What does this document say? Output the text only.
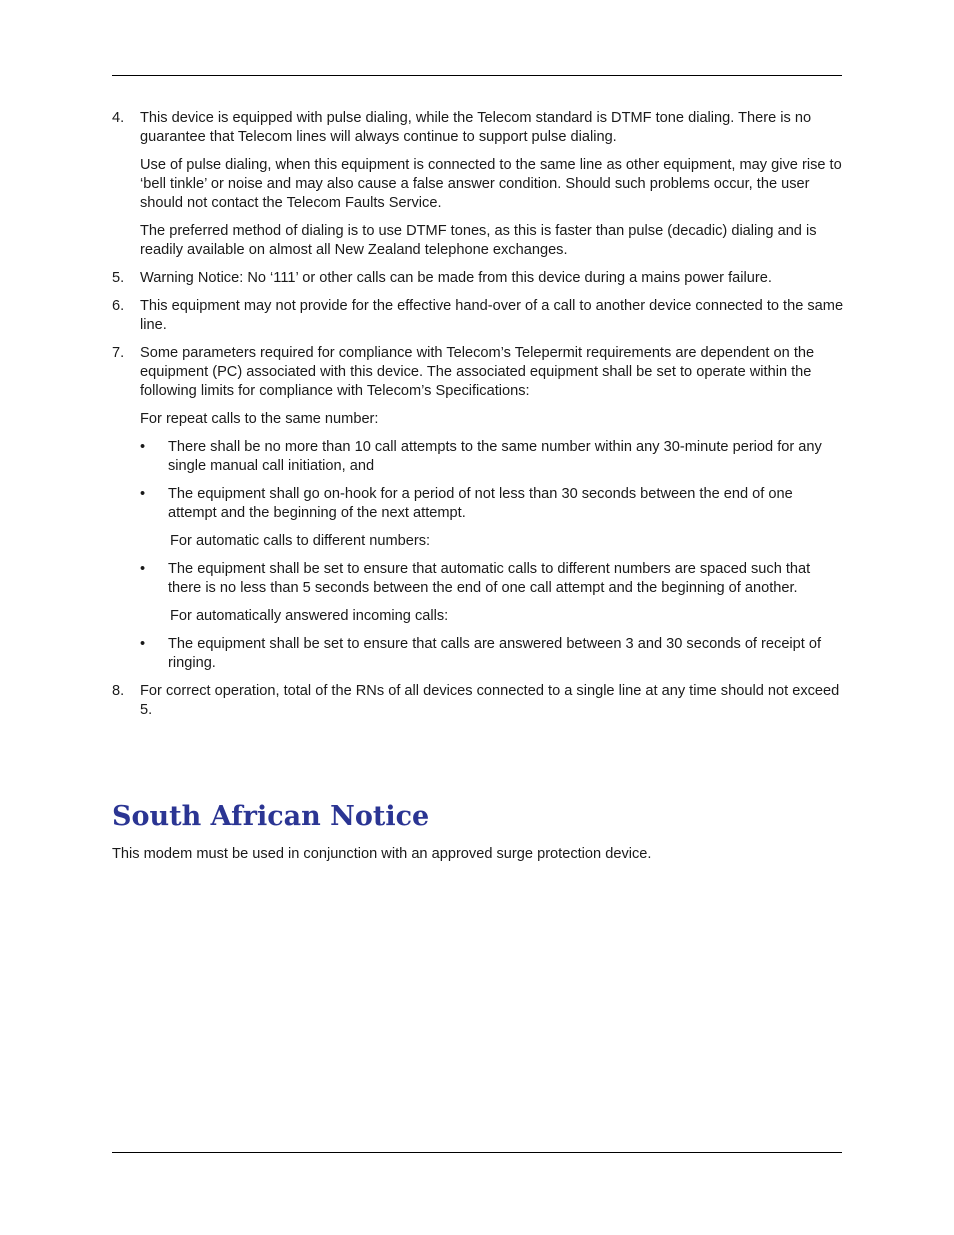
4. This device is equipped with pulse dialing, while the Telecom standard is DTMF tone dialing. There is no guarantee that Telecom lines will always continue to support pulse dialing.

Use of pulse dialing, when this equipment is connected to the same line as other equipment, may give rise to ‘bell tinkle’ or noise and may also cause a false answer condition. Should such problems occur, the user should not contact the Telecom Faults Service.

The preferred method of dialing is to use DTMF tones, as this is faster than pulse (decadic) dialing and is readily available on almost all New Zealand telephone exchanges.

5. Warning Notice: No ‘111’ or other calls can be made from this device during a mains power failure.

6. This equipment may not provide for the effective hand-over of a call to another device connected to the same line.

7. Some parameters required for compliance with Telecom’s Telepermit requirements are dependent on the equipment (PC) associated with this device. The associated equipment shall be set to operate within the following limits for compliance with Telecom’s Specifications:

For repeat calls to the same number:

• There shall be no more than 10 call attempts to the same number within any 30-minute period for any single manual call initiation, and
• The equipment shall go on-hook for a period of not less than 30 seconds between the end of one attempt and the beginning of the next attempt.

For automatic calls to different numbers:

• The equipment shall be set to ensure that automatic calls to different numbers are spaced such that there is no less than 5 seconds between the end of one call attempt and the beginning of another.

For automatically answered incoming calls:

• The equipment shall be set to ensure that calls are answered between 3 and 30 seconds of receipt of ringing.
8. For correct operation, total of the RNs of all devices connected to a single line at any time should not exceed 5.

South African Notice

This modem must be used in conjunction with an approved surge protection device.
